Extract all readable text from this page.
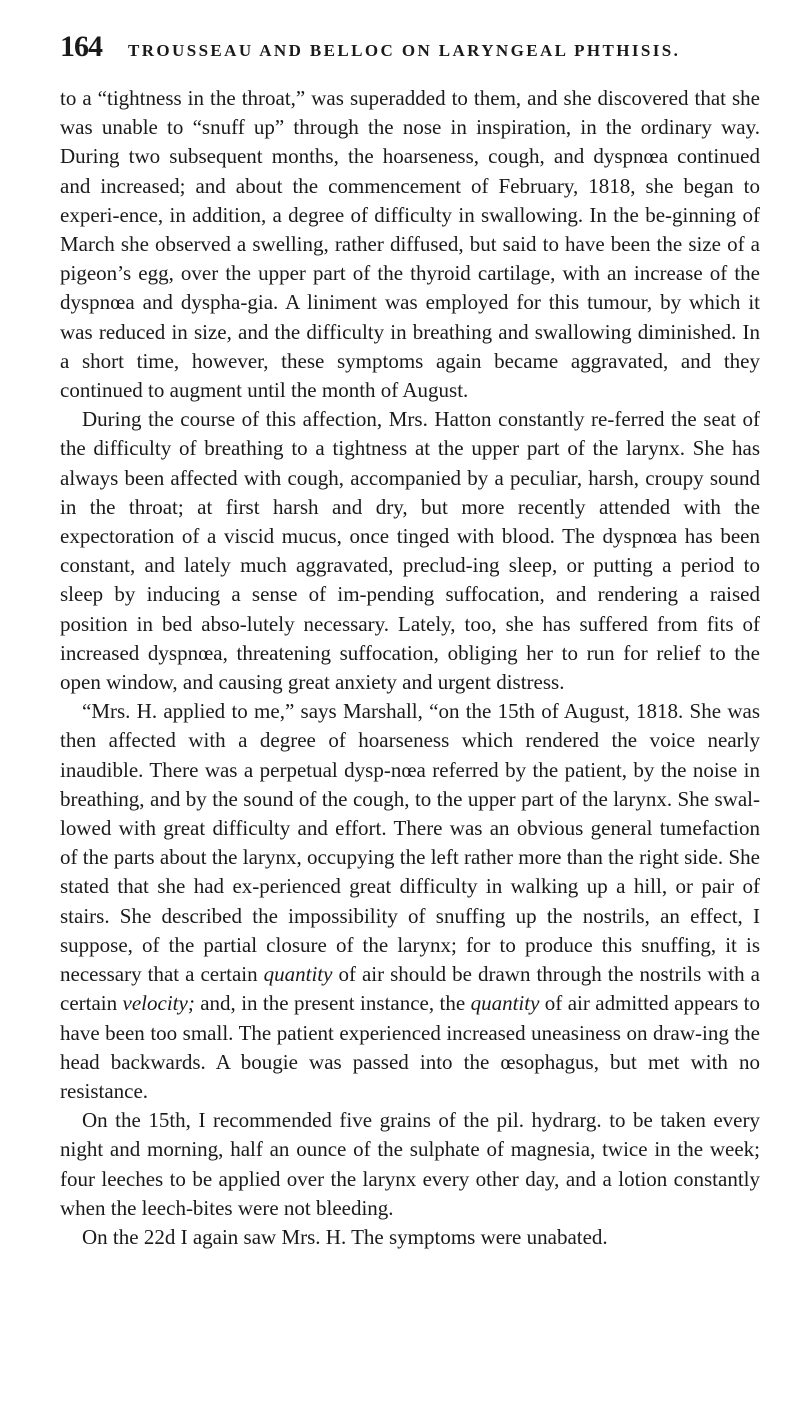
164 TROUSSEAU AND BELLOC ON LARYNGEAL PHTHISIS.

to a “tightness in the throat,” was superadded to them, and she discovered that she was unable to “snuff up” through the nose in inspiration, in the ordinary way. During two subsequent months, the hoarseness, cough, and dyspnœa continued and increased; and about the commencement of February, 1818, she began to experi-ence, in addition, a degree of difficulty in swallowing. In the be-ginning of March she observed a swelling, rather diffused, but said to have been the size of a pigeon’s egg, over the upper part of the thyroid cartilage, with an increase of the dyspnœa and dyspha-gia. A liniment was employed for this tumour, by which it was reduced in size, and the difficulty in breathing and swallowing diminished. In a short time, however, these symptoms again became aggravated, and they continued to augment until the month of August.

During the course of this affection, Mrs. Hatton constantly re-ferred the seat of the difficulty of breathing to a tightness at the upper part of the larynx. She has always been affected with cough, accompanied by a peculiar, harsh, croupy sound in the throat; at first harsh and dry, but more recently attended with the expectoration of a viscid mucus, once tinged with blood. The dyspnœa has been constant, and lately much aggravated, preclud-ing sleep, or putting a period to sleep by inducing a sense of im-pending suffocation, and rendering a raised position in bed abso-lutely necessary. Lately, too, she has suffered from fits of increased dyspnœa, threatening suffocation, obliging her to run for relief to the open window, and causing great anxiety and urgent distress.

“Mrs. H. applied to me,” says Marshall, “on the 15th of August, 1818. She was then affected with a degree of hoarseness which rendered the voice nearly inaudible. There was a perpetual dysp-nœa referred by the patient, by the noise in breathing, and by the sound of the cough, to the upper part of the larynx. She swal-lowed with great difficulty and effort. There was an obvious general tumefaction of the parts about the larynx, occupying the left rather more than the right side. She stated that she had ex-perienced great difficulty in walking up a hill, or pair of stairs. She described the impossibility of snuffing up the nostrils, an effect, I suppose, of the partial closure of the larynx; for to produce this snuffing, it is necessary that a certain quantity of air should be drawn through the nostrils with a certain velocity; and, in the present instance, the quantity of air admitted appears to have been too small. The patient experienced increased uneasiness on draw-ing the head backwards. A bougie was passed into the œsophagus, but met with no resistance.

On the 15th, I recommended five grains of the pil. hydrarg. to be taken every night and morning, half an ounce of the sulphate of magnesia, twice in the week; four leeches to be applied over the larynx every other day, and a lotion constantly when the leech-bites were not bleeding.

On the 22d I again saw Mrs. H. The symptoms were unabated.
